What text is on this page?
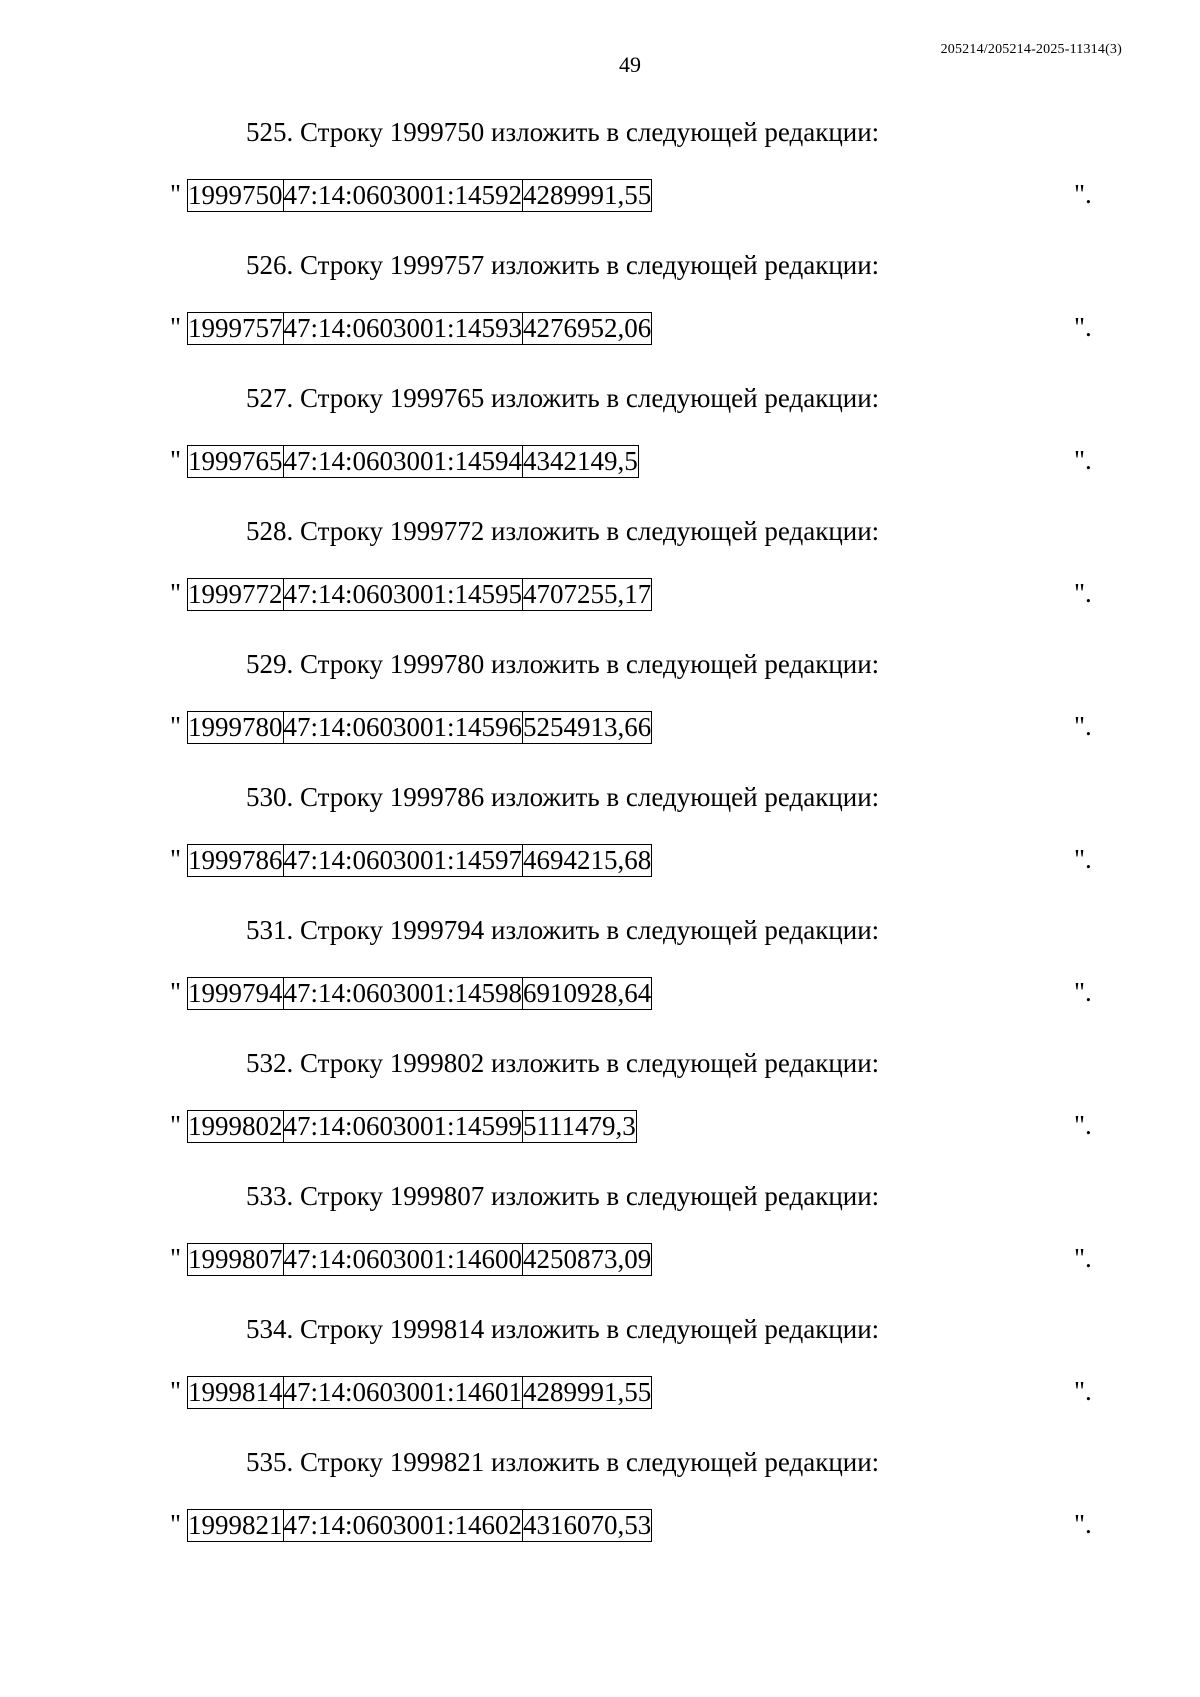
49
205214/205214-2025-11314(3)
525. Строку 1999750 изложить в следующей редакции:
" 1999750	47:14:0603001:14592	4289991,55	".
526. Строку 1999757 изложить в следующей редакции:
" 1999757	47:14:0603001:14593	4276952,06	".
527. Строку 1999765 изложить в следующей редакции:
" 1999765	47:14:0603001:14594	4342149,5	".
528. Строку 1999772 изложить в следующей редакции:
" 1999772	47:14:0603001:14595	4707255,17	".
529. Строку 1999780 изложить в следующей редакции:
" 1999780	47:14:0603001:14596	5254913,66	".
530. Строку 1999786 изложить в следующей редакции:
" 1999786	47:14:0603001:14597	4694215,68	".
531. Строку 1999794 изложить в следующей редакции:
" 1999794	47:14:0603001:14598	6910928,64	".
532. Строку 1999802 изложить в следующей редакции:
" 1999802	47:14:0603001:14599	5111479,3	".
533. Строку 1999807 изложить в следующей редакции:
" 1999807	47:14:0603001:14600	4250873,09	".
534. Строку 1999814 изложить в следующей редакции:
" 1999814	47:14:0603001:14601	4289991,55	".
535. Строку 1999821 изложить в следующей редакции:
" 1999821	47:14:0603001:14602	4316070,53	".
